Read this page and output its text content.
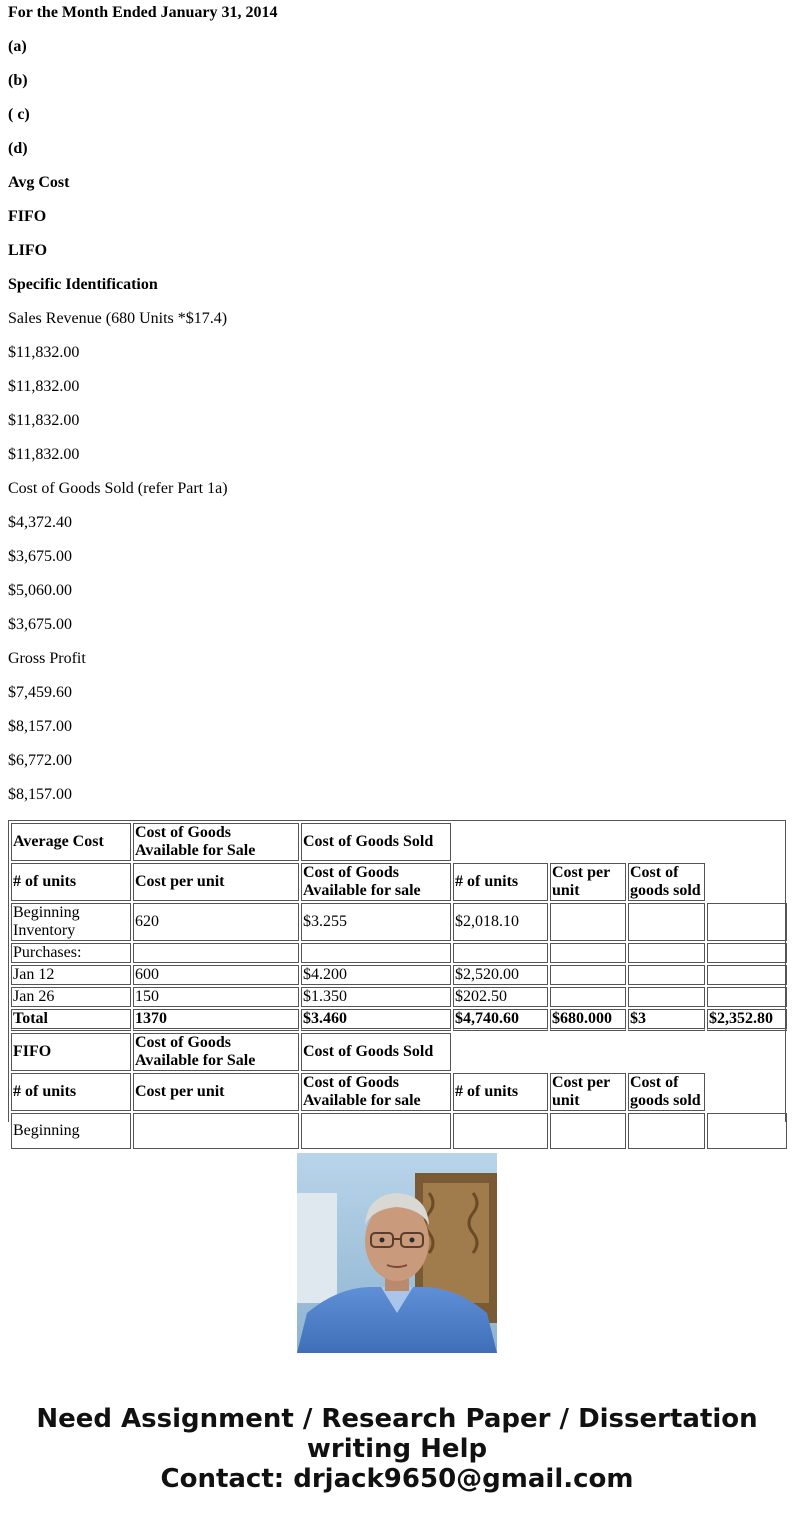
For the Month Ended January 31, 2014

(a)

(b)

( c)

(d)

Avg Cost

FIFO

LIFO

Specific Identification

Sales Revenue (680 Units *$17.4)

$11,832.00

$11,832.00

$11,832.00

$11,832.00

Cost of Goods Sold (refer Part 1a)

$4,372.40

$3,675.00

$5,060.00

$3,675.00

Gross Profit

$7,459.60

$8,157.00

$6,772.00

$8,157.00

Average Cost	Cost of Goods Available for Sale	Cost of Goods Sold				
# of units	Cost per unit	Cost of Goods Available for sale	# of units	Cost per unit	Cost of goods sold	
Beginning Inventory	620	$3.255	$2,018.10			
Purchases:						
Jan 12	600	$4.200	$2,520.00			
Jan 26	150	$1.350	$202.50			
Total	1370	$3.460	$4,740.60	$680.000	$3	$2,352.80
FIFO	Cost of Goods Available for Sale	Cost of Goods Sold				
# of units	Cost per unit	Cost of Goods Available for sale	# of units	Cost per unit	Cost of goods sold	
Beginning						
Need Assignment / Research Paper / Dissertation
writing Help
Contact: drjack9650@gmail.com
